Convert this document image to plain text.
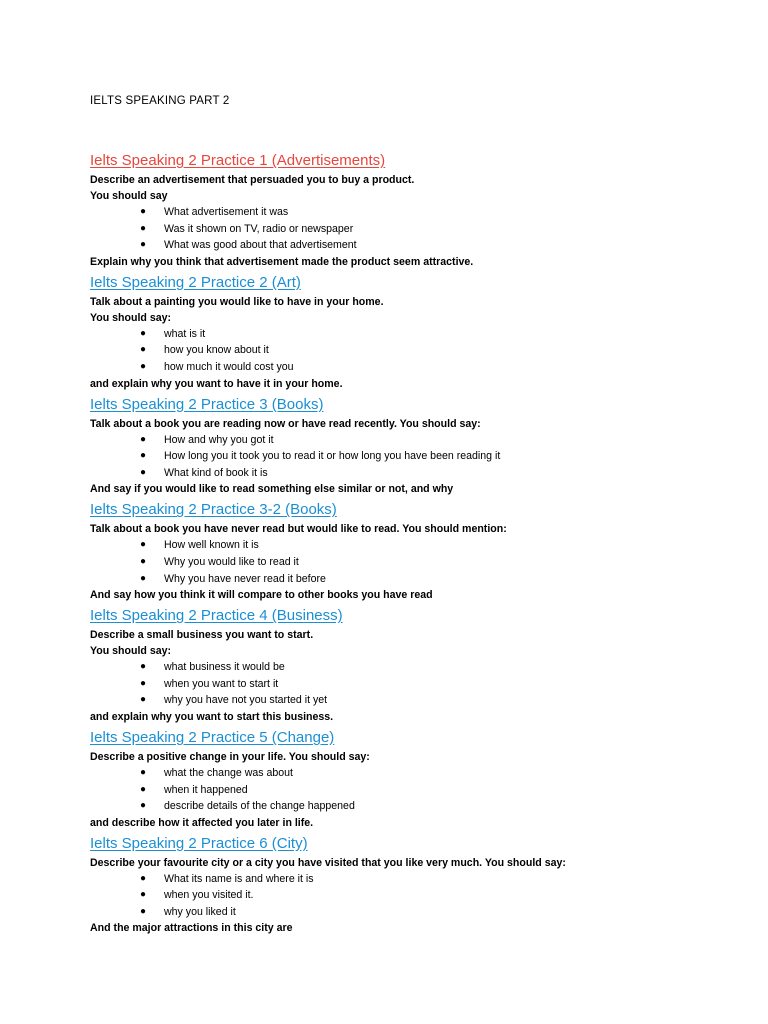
IELTS SPEAKING PART 2

Ielts Speaking 2 Practice 1 (Advertisements)

Describe an advertisement that persuaded you to buy a product.

You should say

● What advertisement it was
● Was it shown on TV, radio or newspaper
● What was good about that advertisement

Explain why you think that advertisement made the product seem attractive.

Ielts Speaking 2 Practice 2 (Art)

Talk about a painting you would like to have in your home.

You should say:

● what is it
● how you know about it
● how much it would cost you

and explain why you want to have it in your home.

Ielts Speaking 2 Practice 3 (Books)

Talk about a book you are reading now or have read recently. You should say:

● How and why you got it
● How long you it took you to read it or how long you have been reading it
● What kind of book it is

And say if you would like to read something else similar or not, and why

Ielts Speaking 2 Practice 3-2 (Books)

Talk about a book you have never read but would like to read. You should mention:

● How well known it is
● Why you would like to read it
● Why you have never read it before

And say how you think it will compare to other books you have read

Ielts Speaking 2 Practice 4 (Business)

Describe a small business you want to start.

You should say:

● what business it would be
● when you want to start it
● why you have not you started it yet

and explain why you want to start this business.

Ielts Speaking 2 Practice 5 (Change)

Describe a positive change in your life. You should say:

● what the change was about
● when it happened
● describe details of the change happened

and describe how it affected you later in life.

Ielts Speaking 2 Practice 6 (City)

Describe your favourite city or a city you have visited that you like very much. You should say:

● What its name is and where it is
● when you visited it.
● why you liked it

And the major attractions in this city are
